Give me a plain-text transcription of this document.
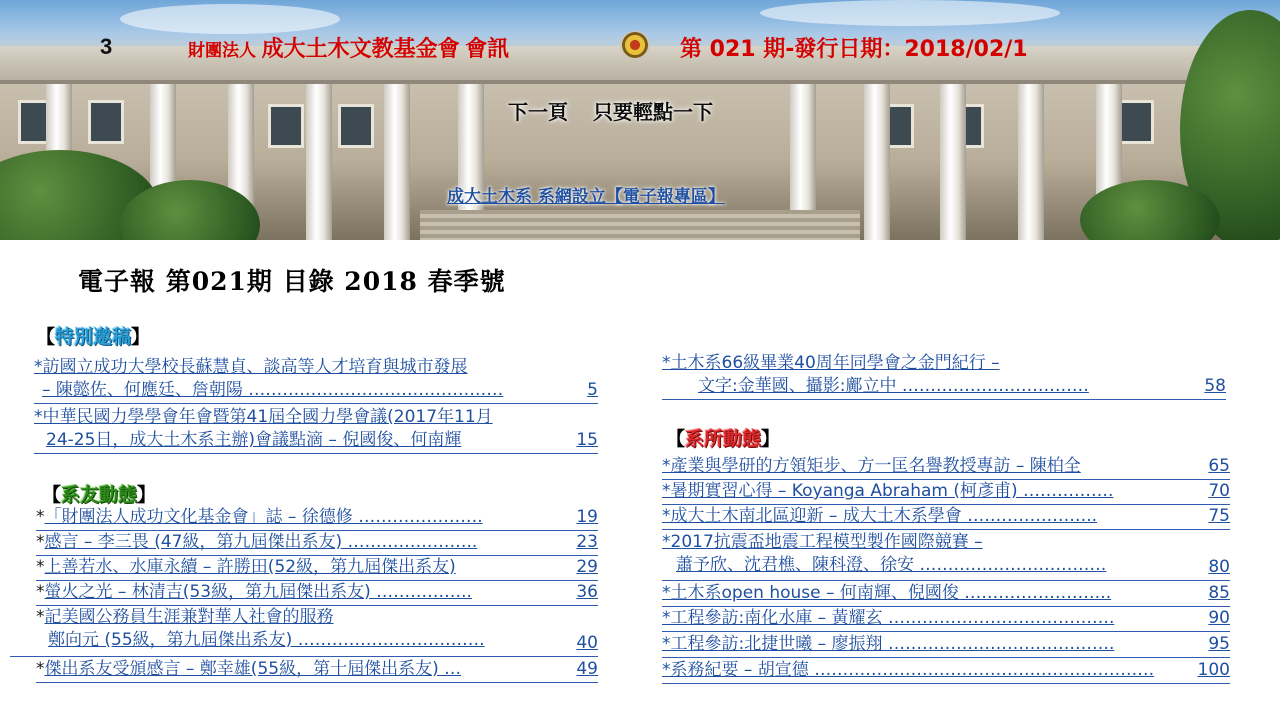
3	財團法人 成大土木文教基金會 會訊	第 021 期-發行日期：2018/02/1
下一頁 只要輕點一下
成大土木系 系網設立【電子報專區】
電子報 第021期 目錄 2018 春季號
【特別邀稿】
*訪國立成功大學校長蘇慧貞、談高等人才培育與城市發展
– 陳懿佐、何應廷、詹朝陽 ………………………………………	5
*中華民國力學學會年會暨第41屆全國力學會議(2017年11月
24-25日，成大土木系主辦)會議點滴 – 倪國俊、何南輝	15
【系友動態】
*「財團法人成功文化基金會」誌 – 徐德修 ………………….	19
*感言 – 李三畏 (47級，第九屆傑出系友) …………………..	23
*上善若水、水庫永續 – 許勝田(52級，第九屆傑出系友)	29
*螢火之光 – 林清吉(53級，第九屆傑出系友) ……………..	36
*記美國公務員生涯兼對華人社會的服務
鄭向元 (55級，第九屆傑出系友) ……………………………	40
*傑出系友受頒感言 – 鄭幸雄(55級，第十屆傑出系友) …	49
*土木系66級畢業40周年同學會之金門紀行 –
文字:金華國、攝影:鄺立中 ……………………………	58
【系所動態】
*產業與學研的方領矩步、方一匡名譽教授專訪 – 陳柏全	65
*暑期實習心得 – Koyanga Abraham (柯彥甫) …………….	70
*成大土木南北區迎新 – 成大土木系學會 …………………..	75
*2017抗震盃地震工程模型製作國際競賽 –
蕭予欣、沈君樵、陳科澄、徐安 ……………………………	80
*土木系open house – 何南輝、倪國俊 ……………………..	85
*工程參訪:南化水庫 – 黃耀玄 ………………………………….	90
*工程參訪:北捷世曦 – 廖振翔 ………………………………….	95
*系務紀要 – 胡宣德 ……………………………………………………	100
